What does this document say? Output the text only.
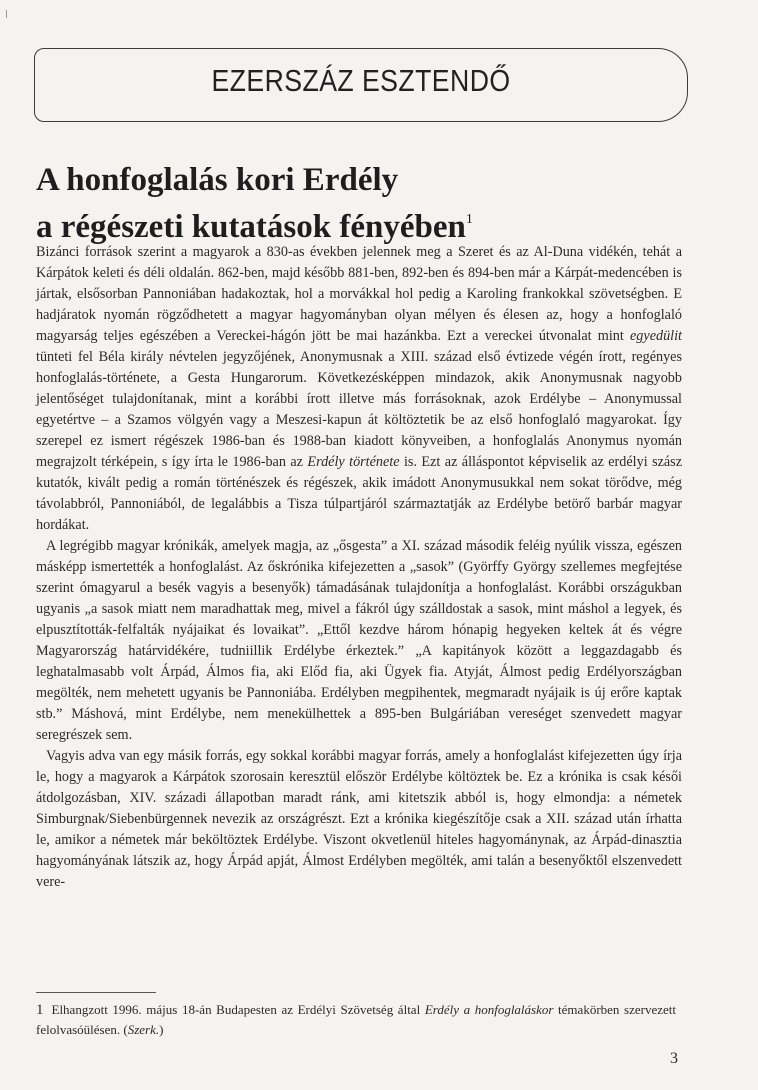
EZERSZÁZ ESZTENDŐ
A honfoglalás kori Erdély
a régészeti kutatások fényében$^1$

Bizánci források szerint a magyarok a 830-as években jelennek meg a Szeret és az Al-Duna vidékén, tehát a Kárpátok keleti és déli oldalán. 862-ben, majd később 881-ben, 892-ben és 894-ben már a Kárpát-medencében is jártak, elsősorban Pannoniában hadakoztak, hol a morvákkal hol pedig a Karoling frankokkal szövetségben. E hadjáratok nyomán rögződhetett a magyar hagyományban olyan mélyen és élesen az, hogy a honfoglaló magyarság teljes egészében a Vereckei-hágón jött be mai hazánkba. Ezt a vereckei útvonalat mint egyedülit tünteti fel Béla király névtelen jegyzőjének, Anonymusnak a XIII. század első évtizede végén írott, regényes honfoglalás-története, a Gesta Hungarorum. Következésképpen mindazok, akik Anonymusnak nagyobb jelentőséget tulajdonítanak, mint a korábbi írott illetve más forrásoknak, azok Erdélybe – Anonymussal egyetértve – a Szamos völgyén vagy a Meszesi-kapun át költöztetik be az első honfoglaló magyarokat. Így szerepel ez ismert régészek 1986-ban és 1988-ban kiadott könyveiben, a honfoglalás Anonymus nyomán megrajzolt térképein, s így írta le 1986-ban az Erdély története is. Ezt az álláspontot képviselik az erdélyi szász kutatók, kivált pedig a román történészek és régészek, akik imádott Anonymusukkal nem sokat törődve, még távolabbról, Pannoniából, de legalábbis a Tisza túlpartjáról származtatják az Erdélybe betörő barbár magyar hordákat.

A legrégibb magyar krónikák, amelyek magja, az „ősgesta” a XI. század második feléig nyúlik vissza, egészen másképp ismertették a honfoglalást. Az őskrónika kifejezetten a „sasok” (Györffy György szellemes megfejtése szerint ómagyarul a besék vagyis a besenyők) támadásának tulajdonítja a honfoglalást. Korábbi országukban ugyanis „a sasok miatt nem maradhattak meg, mivel a fákról úgy szálldostak a sasok, mint máshol a legyek, és elpusztították-felfalták nyájaikat és lovaikat”. „Ettől kezdve három hónapig hegyeken keltek át és végre Magyarország határvidékére, tudniillik Erdélybe érkeztek.” „A kapitányok között a leggazdagabb és leghatalmasabb volt Árpád, Álmos fia, aki Előd fia, aki Ügyek fia. Atyját, Álmost pedig Erdélyországban megölték, nem mehetett ugyanis be Pannoniába. Erdélyben megpihentek, megmaradt nyájaik is új erőre kaptak stb.” Máshová, mint Erdélybe, nem menekülhettek a 895-ben Bulgáriában vereséget szenvedett magyar seregrészek sem.

Vagyis adva van egy másik forrás, egy sokkal korábbi magyar forrás, amely a honfoglalást kifejezetten úgy írja le, hogy a magyarok a Kárpátok szorosain keresztül először Erdélybe költöztek be. Ez a krónika is csak késői átdolgozásban, XIV. századi állapotban maradt ránk, ami kitetszik abból is, hogy elmondja: a németek Simburgnak/Siebenbürgennek nevezik az országrészt. Ezt a krónika kiegészítője csak a XII. század után írhatta le, amikor a németek már beköltöztek Erdélybe. Viszont okvetlenül hiteles hagyománynak, az Árpád-dinasztia hagyományának látszik az, hogy Árpád apját, Álmost Erdélyben megölték, ami talán a besenyőktől elszenvedett vere-

1 Elhangzott 1996. május 18-án Budapesten az Erdélyi Szövetség által Erdély a honfoglaláskor témakörben szervezett felolvasóülésen. (Szerk.)
3
